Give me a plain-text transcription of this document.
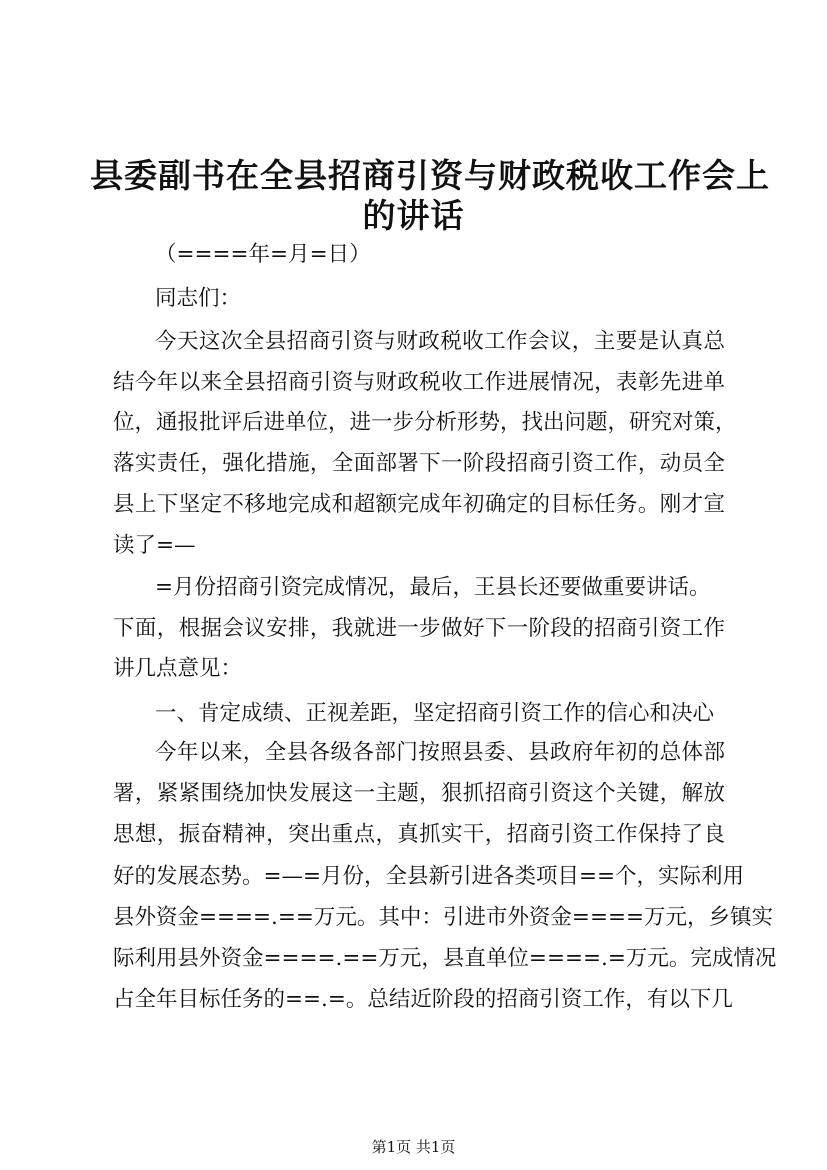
县委副书在全县招商引资与财政税收工作会上
的讲话
（====年=月=日）
同志们：
今天这次全县招商引资与财政税收工作会议，主要是认真总
结今年以来全县招商引资与财政税收工作进展情况，表彰先进单
位，通报批评后进单位，进一步分析形势，找出问题，研究对策，
落实责任，强化措施，全面部署下一阶段招商引资工作，动员全
县上下坚定不移地完成和超额完成年初确定的目标任务。刚才宣
读了=—
=月份招商引资完成情况，最后，王县长还要做重要讲话。
下面，根据会议安排，我就进一步做好下一阶段的招商引资工作
讲几点意见：
一、肯定成绩、正视差距，坚定招商引资工作的信心和决心
今年以来，全县各级各部门按照县委、县政府年初的总体部
署，紧紧围绕加快发展这一主题，狠抓招商引资这个关键，解放
思想，振奋精神，突出重点，真抓实干，招商引资工作保持了良
好的发展态势。=—=月份，全县新引进各类项目==个，实际利用
县外资金====.==万元。其中：引进市外资金====万元，乡镇实
际利用县外资金====.==万元，县直单位====.=万元。完成情况
占全年目标任务的==.=。总结近阶段的招商引资工作，有以下几
第1页 共1页
